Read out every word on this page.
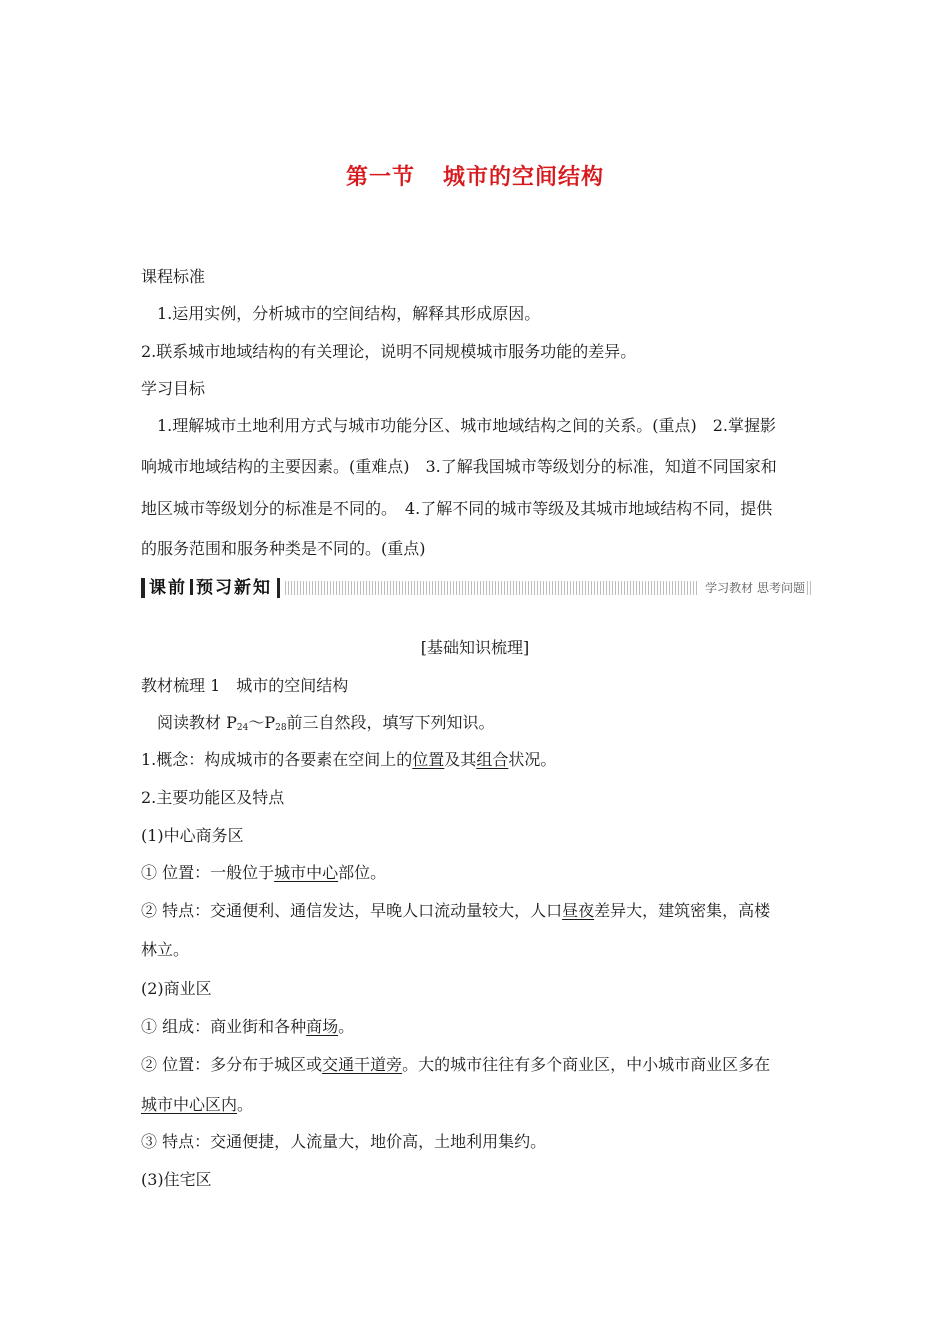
第一节 城市的空间结构
课程标准
1.运用实例，分析城市的空间结构，解释其形成原因。
2.联系城市地域结构的有关理论，说明不同规模城市服务功能的差异。
学习目标
1.理解城市土地利用方式与城市功能分区、城市地域结构之间的关系。(重点)　2.掌握影
响城市地域结构的主要因素。(重难点)　3.了解我国城市等级划分的标准，知道不同国家和
地区城市等级划分的标准是不同的。　4.了解不同的城市等级及其城市地域结构不同，提供
的服务范围和服务种类是不同的。(重点)
课前 预习新知	学习教材 思考问题
[基础知识梳理]
教材梳理 1　城市的空间结构
阅读教材 $P_{24}\sim P_{28}$前三自然段，填写下列知识。
1.概念：构成城市的各要素在空间上的位置及其组合状况。
2.主要功能区及特点
(1)中心商务区
① 位置：一般位于城市中心部位。
② 特点：交通便利、通信发达，早晚人口流动量较大，人口昼夜差异大，建筑密集，高楼
林立。
(2)商业区
① 组成：商业街和各种商场。
② 位置：多分布于城区或交通干道旁。大的城市往往有多个商业区，中小城市商业区多在
城市中心区内。
③ 特点：交通便捷，人流量大，地价高，土地利用集约。
(3)住宅区
